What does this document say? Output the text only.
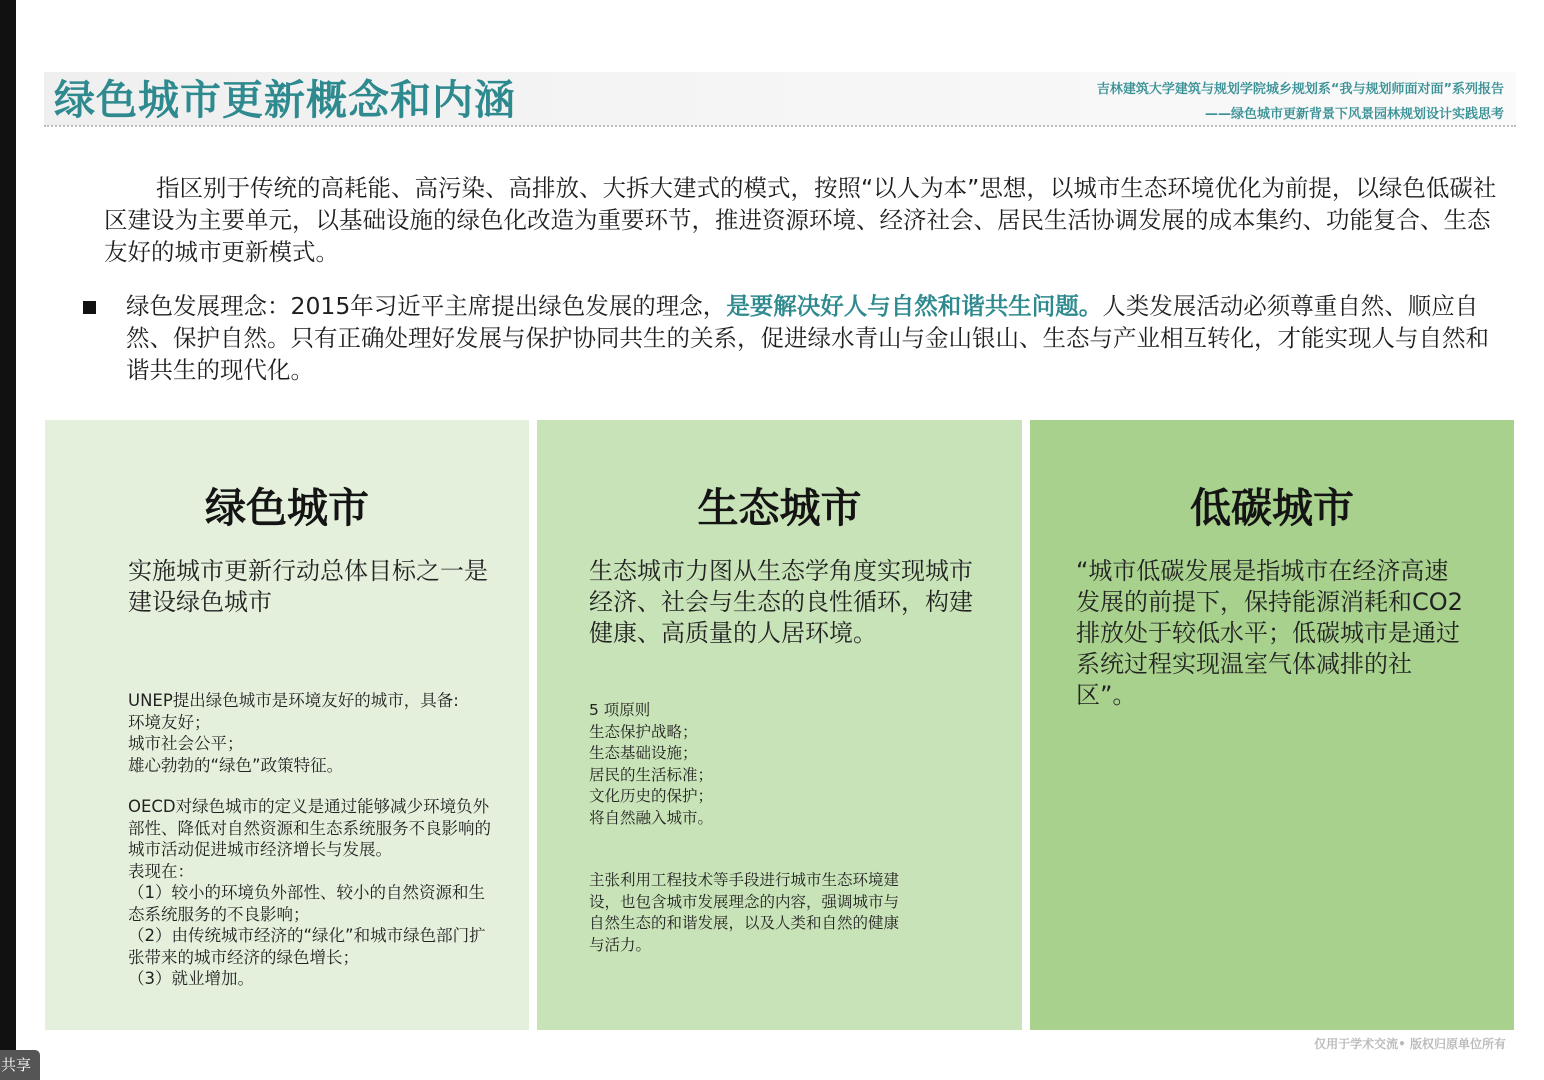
绿色城市更新概念和内涵	吉林建筑大学建筑与规划学院城乡规划系“我与规划师面对面”系列报告
——绿色城市更新背景下风景园林规划设计实践思考

指区别于传统的高耗能、高污染、高排放、大拆大建式的模式，按照“以人为本”思想，以城市生态环境优化为前提，以绿色低碳社区建设为主要单元，以基础设施的绿色化改造为重要环节，推进资源环境、经济社会、居民生活协调发展的成本集约、功能复合、生态友好的城市更新模式。

绿色发展理念：2015年习近平主席提出绿色发展的理念，是要解决好人与自然和谐共生问题。人类发展活动必须尊重自然、顺应自然、保护自然。只有正确处理好发展与保护协同共生的关系，促进绿水青山与金山银山、生态与产业相互转化，才能实现人与自然和谐共生的现代化。

绿色城市

实施城市更新行动总体目标之一是建设绿色城市

UNEP提出绿色城市是环境友好的城市，具备:
环境友好；
城市社会公平；
雄心勃勃的“绿色”政策特征。

OECD对绿色城市的定义是通过能够减少环境负外部性、降低对自然资源和生态系统服务不良影响的城市活动促进城市经济增长与发展。
表现在：
（1）较小的环境负外部性、较小的自然资源和生态系统服务的不良影响；
（2）由传统城市经济的“绿化”和城市绿色部门扩张带来的城市经济的绿色增长；
（3）就业增加。

生态城市

生态城市力图从生态学角度实现城市经济、社会与生态的良性循环，构建健康、高质量的人居环境。

5 项原则
生态保护战略；
生态基础设施；
居民的生活标准；
文化历史的保护；
将自然融入城市。

主张利用工程技术等手段进行城市生态环境建设，也包含城市发展理念的内容，强调城市与自然生态的和谐发展，以及人类和自然的健康与活力。

低碳城市

“城市低碳发展是指城市在经济高速发展的前提下，保持能源消耗和CO2 排放处于较低水平；低碳城市是通过系统过程实现温室气体减排的社区”。

仅用于学术交流• 版权归原单位所有
共享
